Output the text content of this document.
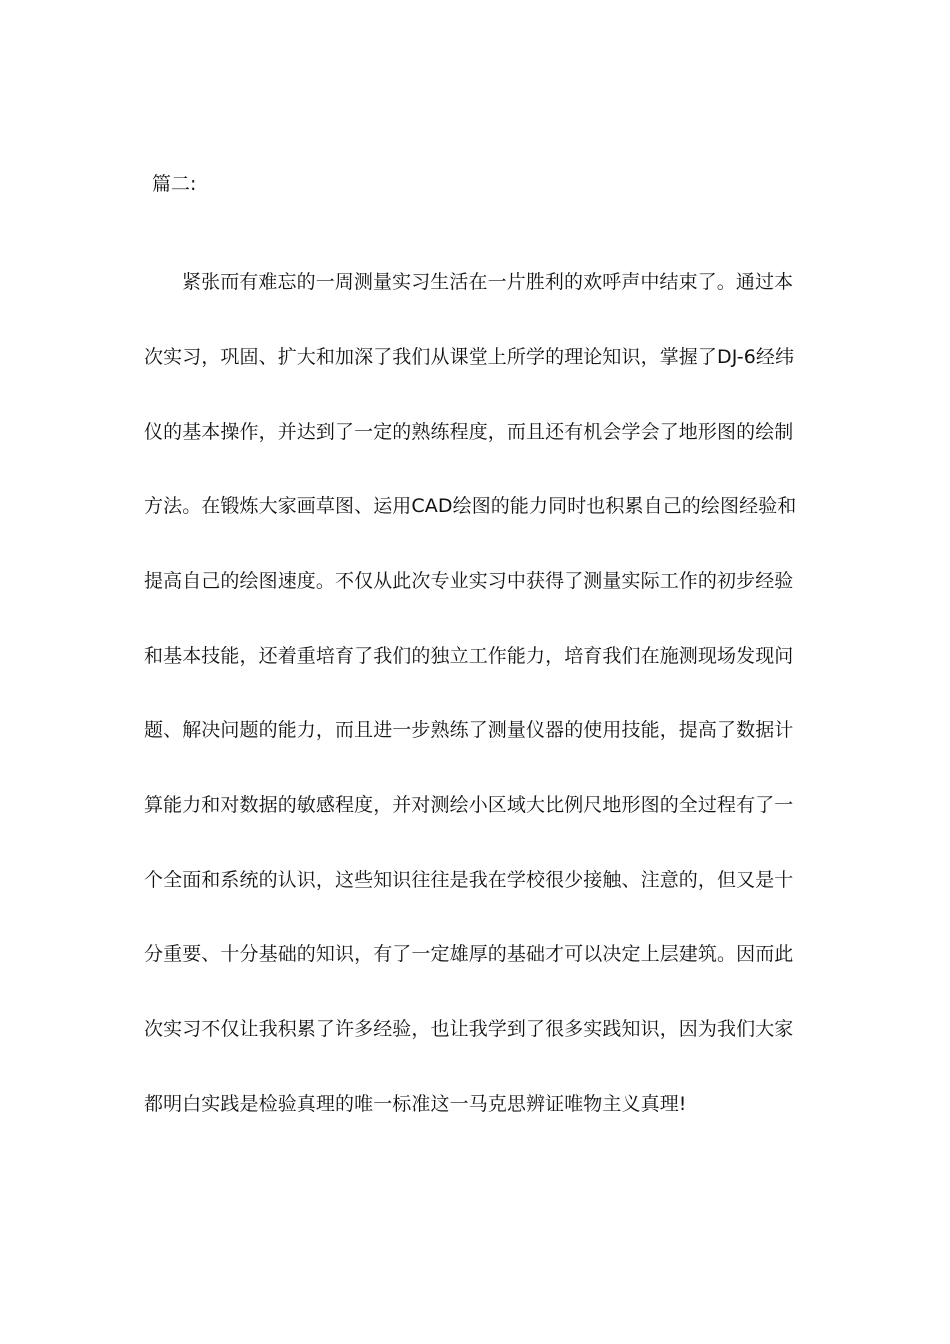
篇二:
紧张而有难忘的一周测量实习生活在一片胜利的欢呼声中结束了。通过本
次实习，巩固、扩大和加深了我们从课堂上所学的理论知识，掌握了DJ-6经纬
仪的基本操作，并达到了一定的熟练程度，而且还有机会学会了地形图的绘制
方法。在锻炼大家画草图、运用CAD绘图的能力同时也积累自己的绘图经验和
提高自己的绘图速度。不仅从此次专业实习中获得了测量实际工作的初步经验
和基本技能，还着重培育了我们的独立工作能力，培育我们在施测现场发现问
题、解决问题的能力，而且进一步熟练了测量仪器的使用技能，提高了数据计
算能力和对数据的敏感程度，并对测绘小区域大比例尺地形图的全过程有了一
个全面和系统的认识，这些知识往往是我在学校很少接触、注意的，但又是十
分重要、十分基础的知识，有了一定雄厚的基础才可以决定上层建筑。因而此
次实习不仅让我积累了许多经验，也让我学到了很多实践知识，因为我们大家
都明白实践是检验真理的唯一标准这一马克思辨证唯物主义真理!
